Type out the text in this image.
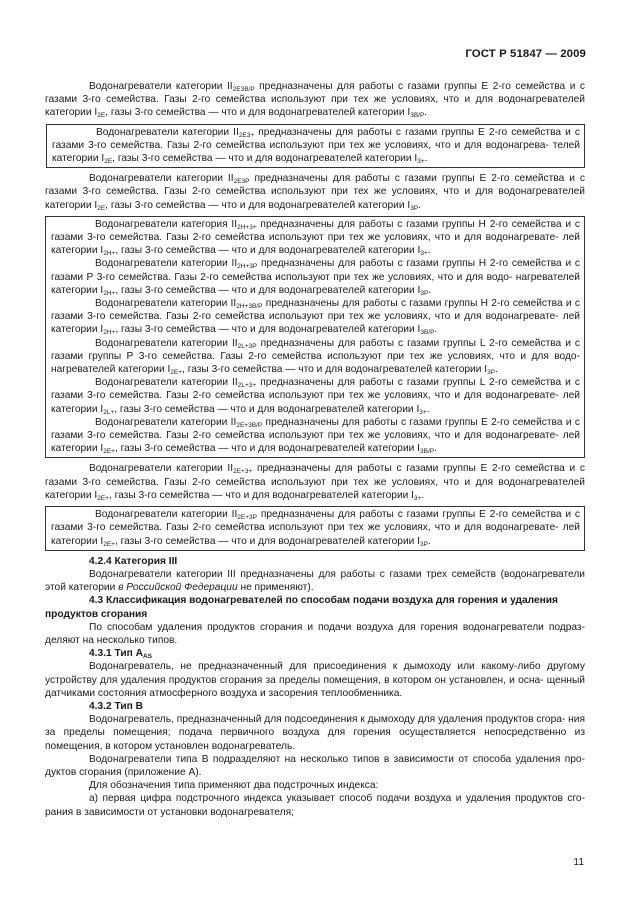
ГОСТ Р 51847 — 2009

Водонагреватели категории $II_{2E3B/P}$ предназначены для работы с газами группы Е 2-го семейства и с газами 3-го семейства. Газы 2-го семейства используют при тех же условиях, что и для водонагревателей категории $I_{2E}$, газы 3-го семейства — что и для водонагревателей категории $I_{3B/P}$.

Водонагреватели категории $II_{2E3+}$ предназначены для работы с газами группы Е 2-го семейства и с газами 3-го семейства. Газы 2-го семейства используют при тех же условиях, что и для водонагрева- телей категории $I_{2E}$, газы 3-го семейства — что и для водонагревателей категории $I_{3+}$.

Водонагреватели категории $II_{2E3P}$ предназначены для работы с газами группы Е 2-го семейства и с газами 3-го семейства. Газы 2-го семейства используют при тех же условиях, что и для водонагревателей категории $I_{2E}$, газы 3-го семейства — что и для водонагревателей категории $I_{3P}$.

Водонагреватели категория $II_{2H+3+}$ предназначены для работы с газами группы Н 2-го семейства и с газами 3-го семейства. Газы 2-го семейства используют при тех же условиях, что и для водонагревате- лей категории $I_{2H+}$, газы 3-го семейства — что и для водонагревателей категории $I_{3+}$.

Водонагреватели категории $II_{2H+3P}$ предназначены для работы с газами группы Н 2-го семейства и с газами Р 3-го семейства. Газы 2-го семейства используют при тех же условиях, что и для водо- нагревателей категории $I_{2H+}$, газы 3-го семейства — что и для водонагревателей категории $I_{3P}$.

Водонагреватели категории $II_{2H+3B/P}$ предназначены для работы с газами группы Н 2-го семейства и с газами 3-го семейства. Газы 2-го семейства используют при тех же условиях, что и для водонагревате- лей категории $I_{2H+}$, газы 3-го семейства — что и для водонагревателей категории $I_{3B/P}$.

Водонагреватели категории $II_{2L+3P}$ предназначены для работы с газами группы L 2-го семейства и с газами группы Р 3-го семейства. Газы 2-го семейства используют при тех же условиях, что и для водо- нагревателей категории $I_{2E+}$, газы 3-го семейства — что и для водонагревателей категории $I_{3P}$.

Водонагреватели категории $II_{2L+3+}$ предназначены для работы с газами группы L 2-го семейства и с газами 3-го семейства. Газы 2-го семейства используют при тех же условиях, что и для водонагревате- лей категории $I_{2L+}$, газы 3-го семейства — что и для водонагревателей категории $I_{3+}$.

Водонагреватели категории $II_{2E+3B/P}$ предназначены для работы с газами группы Е 2-го семейства и с газами 3-го семейства. Газы 2-го семейства используют при тех же условиях, что и для водонагревате- лей категории $I_{2E+}$, газы 3-го семейства — что и для водонагревателей категории $I_{3B/P}$.

Водонагреватели категории $II_{2E+3+}$ предназначены для работы с газами группы Е 2-го семейства и с газами 3-го семейства. Газы 2-го семейства используют при тех же условиях, что и для водонагревателей категории $I_{2E+}$, газы 3-го семейства — что и для водонагревателей категории $I_{3+}$.

Водонагреватели категории $II_{2E+3P}$ предназначены для работы с газами группы Е 2-го семейства и с газами 3-го семейства. Газы 2-го семейства используют при тех же условиях, что и для водонагревате- лей категории $I_{2E+}$, газы 3-го семейства — что и для водонагревателей категории $I_{3P}$.

4.2.4 Категория III

Водонагреватели категории III предназначены для работы с газами трех семейств (водонагреватели этой категории в Российской Федерации не применяют).

4.3 Классификация водонагревателей по способам подачи воздуха для горения и удаления продуктов сгорания

По способам удаления продуктов сгорания и подачи воздуха для горения водонагреватели подраз- деляют на несколько типов.

4.3.1 Тип $A_{AS}$

Водонагреватель, не предназначенный для присоединения к дымоходу или какому-либо другому устройству для удаления продуктов сгорания за пределы помещения, в котором он установлен, и осна- щенный датчиками состояния атмосферного воздуха и засорения теплообменника.

4.3.2 Тип B

Водонагреватель, предназначенный для подсоединения к дымоходу для удаления продуктов сгора- ния за пределы помещения; подача первичного воздуха для горения осуществляется непосредственно из помещения, в котором установлен водонагреватель.

Водонагреватели типа B подразделяют на несколько типов в зависимости от способа удаления про- дуктов сгорания (приложение А).

Для обозначения типа применяют два подстрочных индекса:

а) первая цифра подстрочного индекса указывает способ подачи воздуха и удаления продуктов сго- рания в зависимости от установки водонагревателя;

11
